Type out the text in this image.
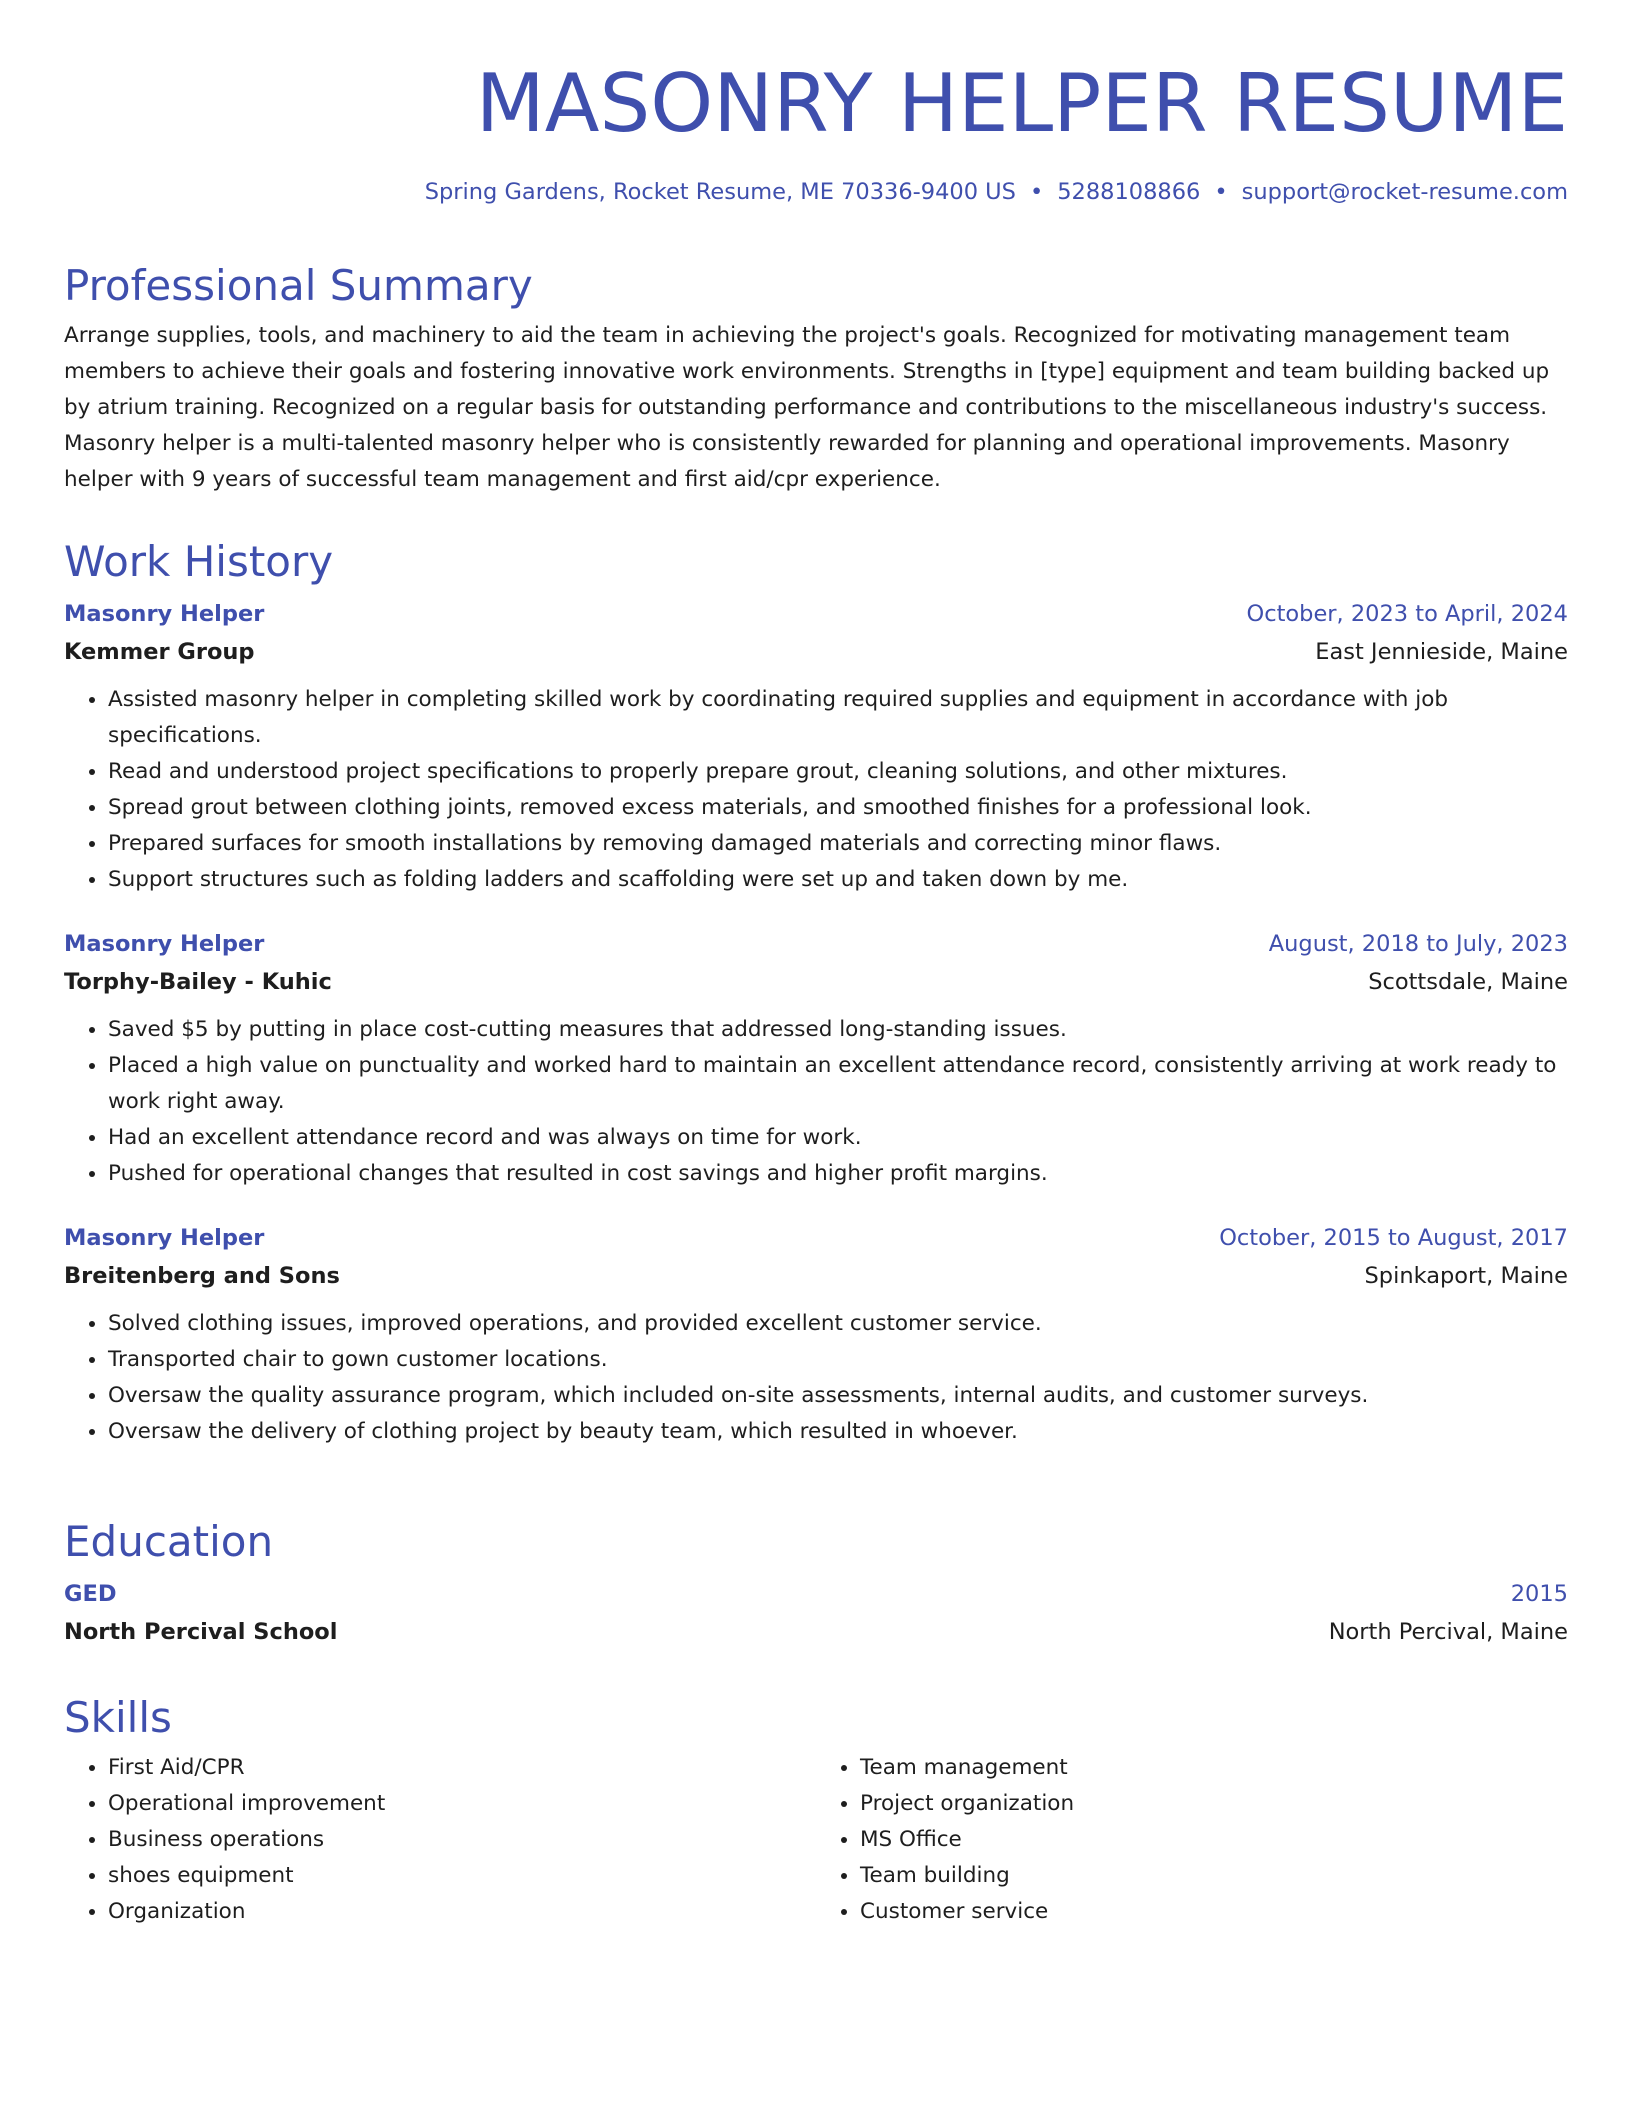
MASONRY HELPER RESUME
Spring Gardens, Rocket Resume, ME 70336-9400 US • 5288108866 • support@rocket-resume.com
Professional Summary

Arrange supplies, tools, and machinery to aid the team in achieving the project's goals. Recognized for motivating management team members to achieve their goals and fostering innovative work environments. Strengths in [type] equipment and team building backed up by atrium training. Recognized on a regular basis for outstanding performance and contributions to the miscellaneous industry's success. Masonry helper is a multi-talented masonry helper who is consistently rewarded for planning and operational improvements. Masonry helper with 9 years of successful team management and first aid/cpr experience.

Work History
Masonry Helper	October, 2023 to April, 2024
Kemmer Group	East Jennieside, Maine
• Assisted masonry helper in completing skilled work by coordinating required supplies and equipment in accordance with job specifications.
• Read and understood project specifications to properly prepare grout, cleaning solutions, and other mixtures.
• Spread grout between clothing joints, removed excess materials, and smoothed finishes for a professional look.
• Prepared surfaces for smooth installations by removing damaged materials and correcting minor flaws.
• Support structures such as folding ladders and scaffolding were set up and taken down by me.
Masonry Helper	August, 2018 to July, 2023
Torphy-Bailey - Kuhic	Scottsdale, Maine
• Saved $5 by putting in place cost-cutting measures that addressed long-standing issues.
• Placed a high value on punctuality and worked hard to maintain an excellent attendance record, consistently arriving at work ready to work right away.
• Had an excellent attendance record and was always on time for work.
• Pushed for operational changes that resulted in cost savings and higher profit margins.
Masonry Helper	October, 2015 to August, 2017
Breitenberg and Sons	Spinkaport, Maine
• Solved clothing issues, improved operations, and provided excellent customer service.
• Transported chair to gown customer locations.
• Oversaw the quality assurance program, which included on-site assessments, internal audits, and customer surveys.
• Oversaw the delivery of clothing project by beauty team, which resulted in whoever.
Education
GED	2015
North Percival School	North Percival, Maine
Skills
• First Aid/CPR
• Operational improvement
• Business operations
• shoes equipment
• Organization
• Team management
• Project organization
• MS Office
• Team building
• Customer service
